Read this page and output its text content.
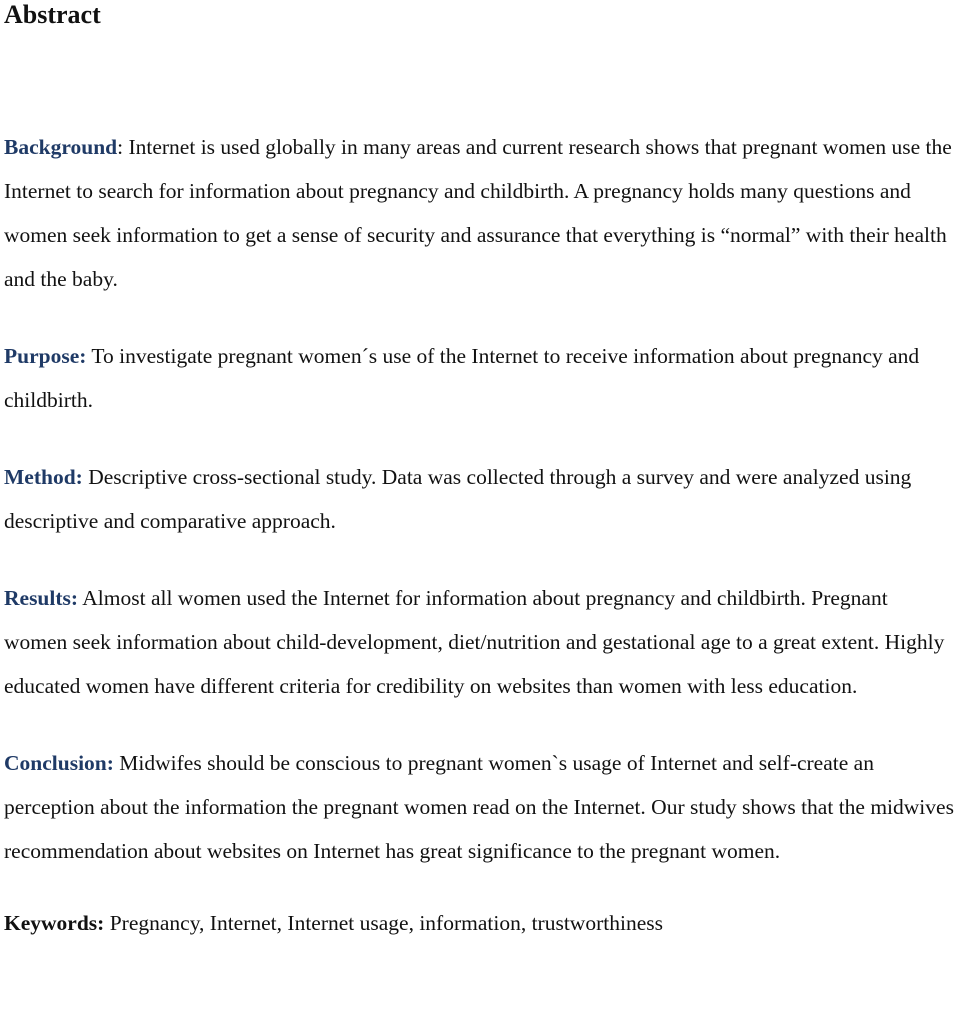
Abstract

Background: Internet is used globally in many areas and current research shows that pregnant women use the Internet to search for information about pregnancy and childbirth. A pregnancy holds many questions and women seek information to get a sense of security and assurance that everything is “normal” with their health and the baby.

Purpose: To investigate pregnant women´s use of the Internet to receive information about pregnancy and childbirth.

Method: Descriptive cross-sectional study. Data was collected through a survey and were analyzed using descriptive and comparative approach.

Results: Almost all women used the Internet for information about pregnancy and childbirth. Pregnant women seek information about child-development, diet/nutrition and gestational age to a great extent. Highly educated women have different criteria for credibility on websites than women with less education.

Conclusion: Midwifes should be conscious to pregnant women`s usage of Internet and self-create an perception about the information the pregnant women read on the Internet. Our study shows that the midwives recommendation about websites on Internet has great significance to the pregnant women.

Keywords: Pregnancy, Internet, Internet usage, information, trustworthiness
